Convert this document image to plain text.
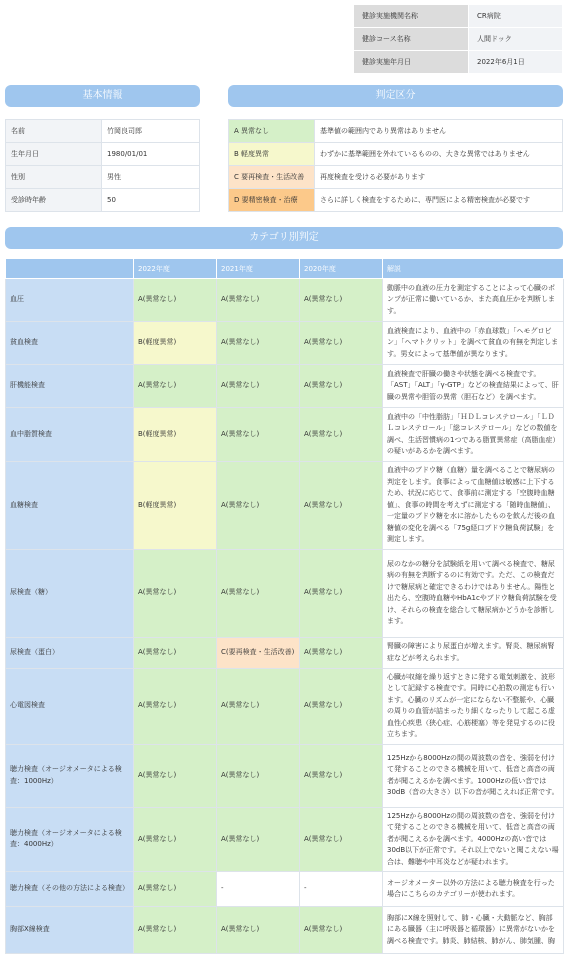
健診実施機関名称	CR病院
健診コース名称	人間ドック
健診実施年月日	2022年6月1日
基本情報	判定区分
名前	竹岡良司郎
生年月日	1980/01/01
性別	男性
受診時年齢	50
A 異常なし	基準値の範囲内であり異常はありません
B 軽度異常	わずかに基準範囲を外れているものの、大きな異常ではありません
C 要再検査・生活改善	再度検査を受ける必要があります
D 要精密検査・治療	さらに詳しく検査をするために、専門医による精密検査が必要です
カテゴリ別判定
	2022年度	2021年度	2020年度	解説
血圧	A(異常なし)	A(異常なし)	A(異常なし)	動脈中の血液の圧力を測定することによって心臓のポンプが正常に働いているか、また高血圧かを判断します。
貧血検査	B(軽度異常)	A(異常なし)	A(異常なし)	血液検査により、血液中の「赤血球数」「ヘモグロビン」「ヘマトクリット」を調べて貧血の有無を判定します。男女によって基準値が異なります。
肝機能検査	A(異常なし)	A(異常なし)	A(異常なし)	血液検査で肝臓の働きや状態を調べる検査です。「AST」「ALT」「γ-GTP」などの検査結果によって、肝臓の異常や胆管の異常（胆石など）を調べます。
血中脂質検査	B(軽度異常)	A(異常なし)	A(異常なし)	血液中の「中性脂肪」「ＨＤＬコレステロール」「ＬＤＬコレステロール」「総コレステロール」などの数値を調べ、生活習慣病の1つである脂質異常症（高脂血症）の疑いがあるかを調べます。
血糖検査	B(軽度異常)	A(異常なし)	A(異常なし)	血液中のブドウ糖（血糖）量を調べることで糖尿病の判定をします。食事によって血糖値は敏感に上下するため、状況に応じて、食事前に測定する「空腹時血糖値」、食事の時間を考えずに測定する「随時血糖値」、一定量のブドウ糖を水に溶かしたものを飲んだ後の血糖値の変化を調べる「75g経口ブドウ糖負荷試験」を測定します。
尿検査（糖）	A(異常なし)	A(異常なし)	A(異常なし)	尿のなかの糖分を試験紙を用いて調べる検査で、糖尿病の有無を判断するのに有効です。ただ、この検査だけで糖尿病と確定できるわけではありません。陽性と出たら、空腹時血糖やHbA1cやブドウ糖負荷試験を受け、それらの検査を総合して糖尿病かどうかを診断します。
尿検査（蛋白）	A(異常なし)	C(要再検査・生活改善)	A(異常なし)	腎臓の障害により尿蛋白が増えます。腎炎、糖尿病腎症などが考えられます。
心電図検査	A(異常なし)	A(異常なし)	A(異常なし)	心臓が収縮を繰り返すときに発する電気刺激を、波形として記録する検査です。同時に心拍数の測定も行います。心臓のリズムが一定にならない不整脈や、心臓の周りの血管が詰まったり細くなったりして起こる虚血性心疾患（狭心症、心筋梗塞）等を発見するのに役立ちます。
聴力検査（オージオメータによる検査：1000Hz）	A(異常なし)	A(異常なし)	A(異常なし)	125Hzから8000Hzの間の周波数の音を、強弱を付けて発することのできる機械を用いて、低音と高音の両者が聞こえるかを調べます。1000Hzの低い音では30dB（音の大きさ）以下の音が聞こえれば正常です。
聴力検査（オージオメータによる検査：4000Hz）	A(異常なし)	A(異常なし)	A(異常なし)	125Hzから8000Hzの間の周波数の音を、強弱を付けて発することのできる機械を用いて、低音と高音の両者が聞こえるかを調べます。4000Hzの高い音では30dB以下が正常です。それ以上でないと聞こえない場合は、難聴や中耳炎などが疑われます。
聴力検査（その他の方法による検査）	A(異常なし)	-	-	オージオメーター以外の方法による聴力検査を行った場合にこちらのカテゴリーが使われます。
胸部X線検査	A(異常なし)	A(異常なし)	A(異常なし)	胸部にX線を照射して、肺・心臓・大動脈など、胸部にある臓器（主に呼吸器と循環器）に異常がないかを調べる検査です。肺炎、肺結核、肺がん、肺気腫、胸
